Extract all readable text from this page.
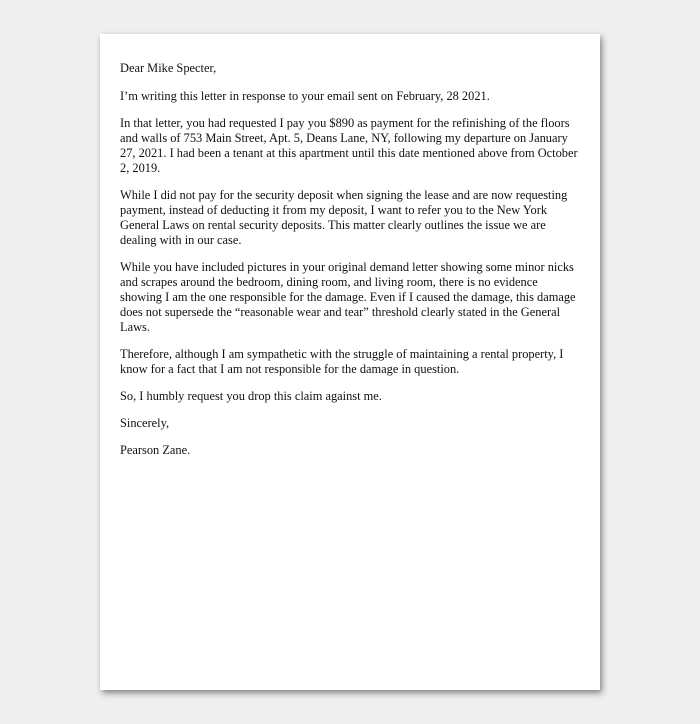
Dear Mike Specter,

I’m writing this letter in response to your email sent on February, 28 2021.

In that letter, you had requested I pay you $890 as payment for the refinishing of the floors and walls of 753 Main Street, Apt. 5, Deans Lane, NY, following my departure on January 27, 2021. I had been a tenant at this apartment until this date mentioned above from October 2, 2019.

While I did not pay for the security deposit when signing the lease and are now requesting payment, instead of deducting it from my deposit, I want to refer you to the New York General Laws on rental security deposits. This matter clearly outlines the issue we are dealing with in our case.

While you have included pictures in your original demand letter showing some minor nicks and scrapes around the bedroom, dining room, and living room, there is no evidence showing I am the one responsible for the damage. Even if I caused the damage, this damage does not supersede the “reasonable wear and tear” threshold clearly stated in the General Laws.

Therefore, although I am sympathetic with the struggle of maintaining a rental property, I know for a fact that I am not responsible for the damage in question.

So, I humbly request you drop this claim against me.

Sincerely,

Pearson Zane.
